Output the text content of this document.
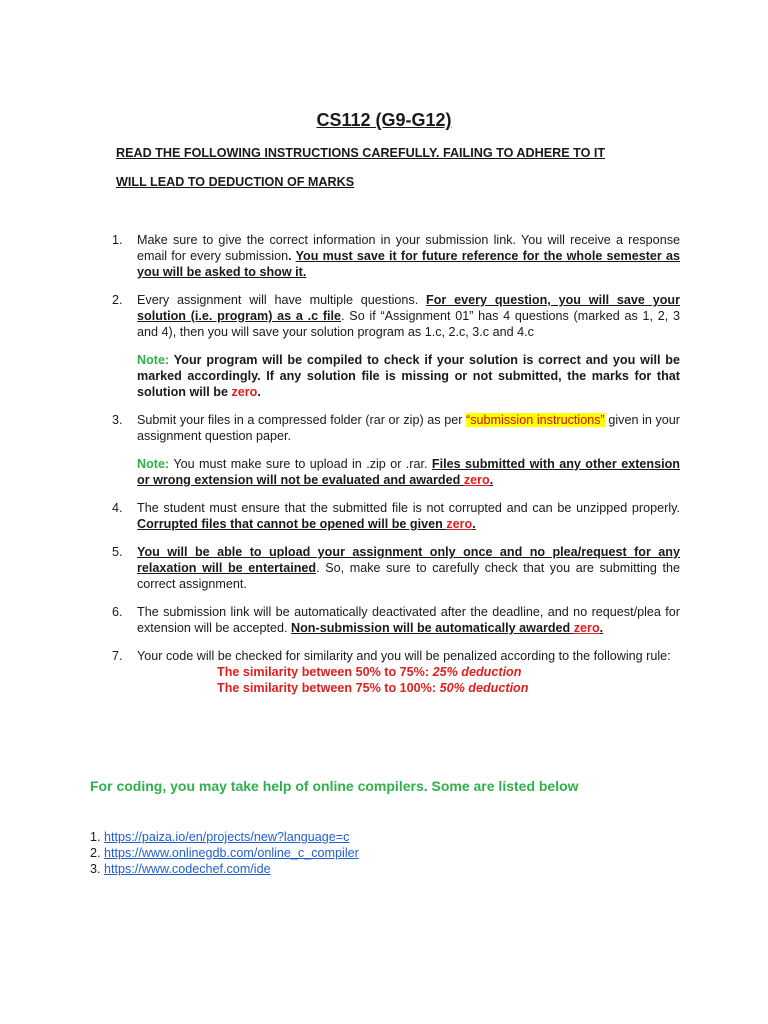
CS112 (G9-G12)
READ THE FOLLOWING INSTRUCTIONS CAREFULLY. FAILING TO ADHERE TO IT
WILL LEAD TO DEDUCTION OF MARKS
1. Make sure to give the correct information in your submission link. You will receive a response email for every submission. You must save it for future reference for the whole semester as you will be asked to show it.
2. Every assignment will have multiple questions. For every question, you will save your solution (i.e. program) as a .c file. So if “Assignment 01” has 4 questions (marked as 1, 2, 3 and 4), then you will save your solution program as 1.c, 2.c, 3.c and 4.c
Note: Your program will be compiled to check if your solution is correct and you will be marked accordingly. If any solution file is missing or not submitted, the marks for that solution will be zero.
3. Submit your files in a compressed folder (rar or zip) as per “submission instructions” given in your assignment question paper.
Note: You must make sure to upload in .zip or .rar. Files submitted with any other extension or wrong extension will not be evaluated and awarded zero.
4. The student must ensure that the submitted file is not corrupted and can be unzipped properly. Corrupted files that cannot be opened will be given zero.
5. You will be able to upload your assignment only once and no plea/request for any relaxation will be entertained. So, make sure to carefully check that you are submitting the correct assignment.
6. The submission link will be automatically deactivated after the deadline, and no request/plea for extension will be accepted. Non-submission will be automatically awarded zero.
7. Your code will be checked for similarity and you will be penalized according to the following rule:
The similarity between 50% to 75%: 25% deduction
The similarity between 75% to 100%: 50% deduction
For coding, you may take help of online compilers. Some are listed below
1. https://paiza.io/en/projects/new?language=c
2. https://www.onlinegdb.com/online_c_compiler
3. https://www.codechef.com/ide
